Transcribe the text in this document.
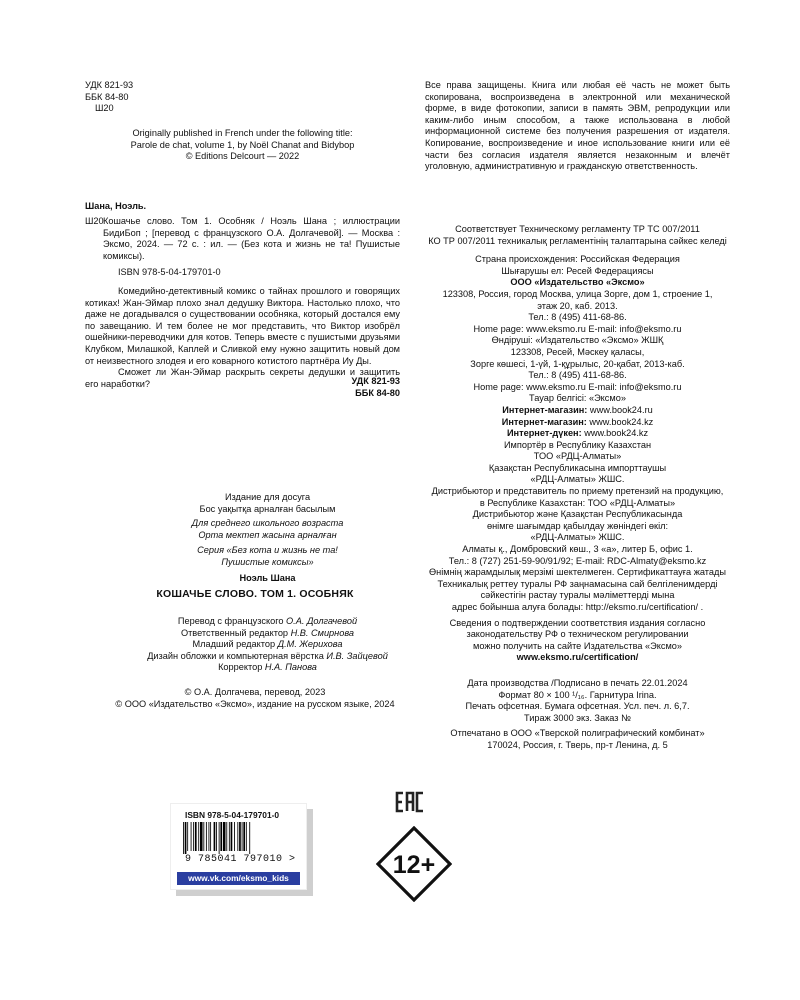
УДК 821-93
ББК 84-80
Ш20
Originally published in French under the following title:
Parole de chat, volume 1, by Noël Chanat and Bidybop
© Editions Delcourt — 2022
Шана, Ноэль.
Ш20 Кошачье слово. Том 1. Особняк / Ноэль Шана ; иллюстрации БидиБоп ; [перевод с французского О.А. Долгачевой]. — Москва : Эксмо, 2024. — 72 с. : ил. — (Без кота и жизнь не та! Пушистые комиксы).
ISBN 978-5-04-179701-0

Комедийно-детективный комикс о тайнах прошлого и говорящих котиках! Жан-Эймар плохо знал дедушку Виктора. Настолько плохо, что даже не догадывался о существовании особняка, который достался ему по завещанию. И тем более не мог представить, что Виктор изобрёл ошейники-переводчики для котов. Теперь вместе с пушистыми друзьями Клубком, Милашкой, Каплей и Сливкой ему нужно защитить новый дом от неизвестного злодея и его коварного котистого партнёра Иу Ды.

Сможет ли Жан-Эймар раскрыть секреты дедушки и защитить его наработки?	УДК 821-93
ББК 84-80
Издание для досуга
Бос уақытқа арналған басылым
Для среднего школьного возраста
Орта мектеп жасына арналған
Серия «Без кота и жизнь не та!
Пушистые комиксы»
Ноэль Шана
КОШАЧЬЕ СЛОВО. ТОМ 1. ОСОБНЯК
Перевод с французского О.А. Долгачевой
Ответственный редактор Н.В. Смирнова
Младший редактор Д.М. Жерихова
Дизайн обложки и компьютерная вёрстка И.В. Зайцевой
Корректор Н.А. Панова
© О.А. Долгачева, перевод, 2023
© ООО «Издательство «Эксмо», издание на русском языке, 2024
Все права защищены. Книга или любая её часть не может быть скопирована, воспроизведена в электронной или механической форме, в виде фотокопии, записи в память ЭВМ, репродукции или каким-либо иным способом, а также использована в любой информационной системе без получения разрешения от издателя. Копирование, воспроизведение и иное использование книги или её части без согласия издателя является незаконным и влечёт уголовную, административную и гражданскую ответственность.
Соответствует Техническому регламенту ТР ТС 007/2011
КО ТР 007/2011 техникалық регламентінің талаптарына сәйкес келеді
Страна происхождения: Российская Федерация
Шығарушы ел: Ресей Федерациясы
ООО «Издательство «Эксмо»
123308, Россия, город Москва, улица Зорге, дом 1, строение 1,
этаж 20, каб. 2013.
Тел.: 8 (495) 411-68-86.
Home page: www.eksmo.ru E-mail: info@eksmo.ru
Өндіруші: «Издательство «Эксмо» ЖШҚ
123308, Ресей, Мәскеу қаласы,
Зорге көшесі, 1-үй, 1-құрылыс, 20-қабат, 2013-каб.
Тел.: 8 (495) 411-68-86.
Home page: www.eksmo.ru E-mail: info@eksmo.ru
Тауар белгісі: «Эксмо»
Интернет-магазин: www.book24.ru
Интернет-магазин: www.book24.kz
Интернет-дүкен: www.book24.kz
Импортёр в Республику Казахстан
ТОО «РДЦ-Алматы»
Қазақстан Республикасына импорттаушы
«РДЦ-Алматы» ЖШС.
Дистрибьютор и представитель по приему претензий на продукцию,
в Республике Казахстан: ТОО «РДЦ-Алматы»
Дистрибьютор және Қазақстан Республикасында
өнімге шағымдар қабылдау жөніндегі өкіл:
«РДЦ-Алматы» ЖШС.
Алматы қ., Домбровский көш., 3 «а», литер Б, офис 1.
Тел.: 8 (727) 251-59-90/91/92; E-mail: RDC-Almaty@eksmo.kz
Өнімнің жарамдылық мерзімі шектелмеген. Сертификаттауға жатады
Техникалық реттеу туралы РФ заңнамасына сай белгіленимдерді
сәйкестігін растау туралы мәліметтерді мына
адрес бойынша алуға болады: http://eksmo.ru/certification/ .
Сведения о подтверждении соответствия издания согласно
законодательству РФ о техническом регулировании
можно получить на сайте Издательства «Эксмо»
www.eksmo.ru/certification/
Дата производства /Подписано в печать 22.01.2024
Формат 80 × 100 ¹/₁₆. Гарнитура Irina.
Печать офсетная. Бумага офсетная. Усл. печ. л. 6,7.
Тираж 3000 экз. Заказ №
Отпечатано в ООО «Тверской полиграфический комбинат»
170024, Россия, г. Тверь, пр-т Ленина, д. 5
ISBN 978-5-04-179701-0
9 785041 797010 >
www.vk.com/eksmo_kids	12+
